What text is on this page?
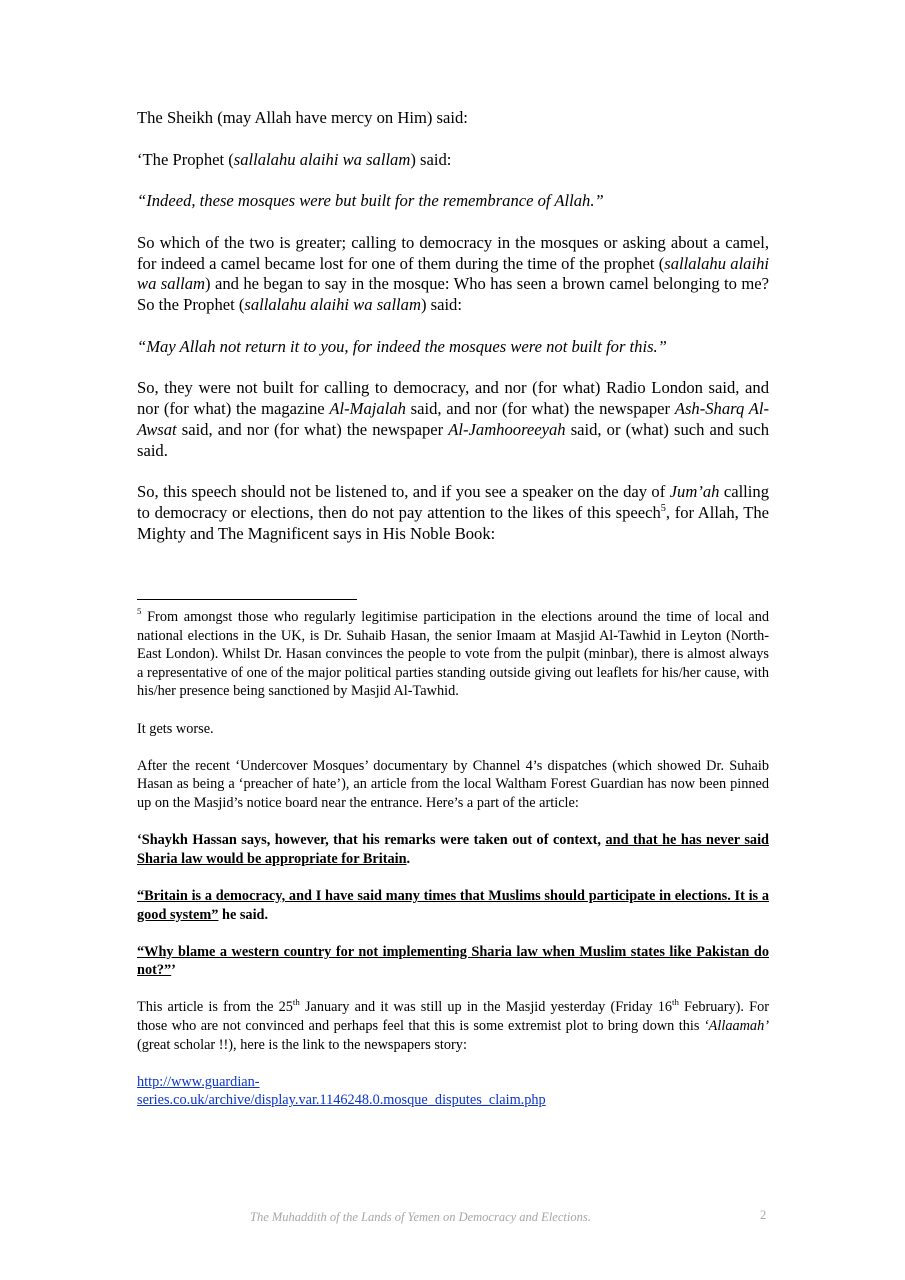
The Sheikh (may Allah have mercy on Him) said:

‘The Prophet (sallalahu alaihi wa sallam) said:

“Indeed, these mosques were but built for the remembrance of Allah.”

So which of the two is greater; calling to democracy in the mosques or asking about a camel, for indeed a camel became lost for one of them during the time of the prophet (sallalahu alaihi wa sallam) and he began to say in the mosque: Who has seen a brown camel belonging to me? So the Prophet (sallalahu alaihi wa sallam) said:

“May Allah not return it to you, for indeed the mosques were not built for this.”

So, they were not built for calling to democracy, and nor (for what) Radio London said, and nor (for what) the magazine Al-Majalah said, and nor (for what) the newspaper Ash-Sharq Al-Awsat said, and nor (for what) the newspaper Al-Jamhooreeyah said, or (what) such and such said.

So, this speech should not be listened to, and if you see a speaker on the day of Jum’ah calling to democracy or elections, then do not pay attention to the likes of this speech$^5$, for Allah, The Mighty and The Magnificent says in His Noble Book:

$^5$ From amongst those who regularly legitimise participation in the elections around the time of local and national elections in the UK, is Dr. Suhaib Hasan, the senior Imaam at Masjid Al-Tawhid in Leyton (North-East London). Whilst Dr. Hasan convinces the people to vote from the pulpit (minbar), there is almost always a representative of one of the major political parties standing outside giving out leaflets for his/her cause, with his/her presence being sanctioned by Masjid Al-Tawhid.

It gets worse.

After the recent ‘Undercover Mosques’ documentary by Channel 4’s dispatches (which showed Dr. Suhaib Hasan as being a ‘preacher of hate’), an article from the local Waltham Forest Guardian has now been pinned up on the Masjid’s notice board near the entrance. Here’s a part of the article:

‘Shaykh Hassan says, however, that his remarks were taken out of context, and that he has never said Sharia law would be appropriate for Britain.

“Britain is a democracy, and I have said many times that Muslims should participate in elections. It is a good system” he said.

“Why blame a western country for not implementing Sharia law when Muslim states like Pakistan do not?”’

This article is from the 25th January and it was still up in the Masjid yesterday (Friday 16th February). For those who are not convinced and perhaps feel that this is some extremist plot to bring down this ‘Allaamah’ (great scholar !!), here is the link to the newspapers story:

http://www.guardian-
series.co.uk/archive/display.var.1146248.0.mosque_disputes_claim.php

The Muhaddith of the Lands of Yemen on Democracy and Elections.	2
